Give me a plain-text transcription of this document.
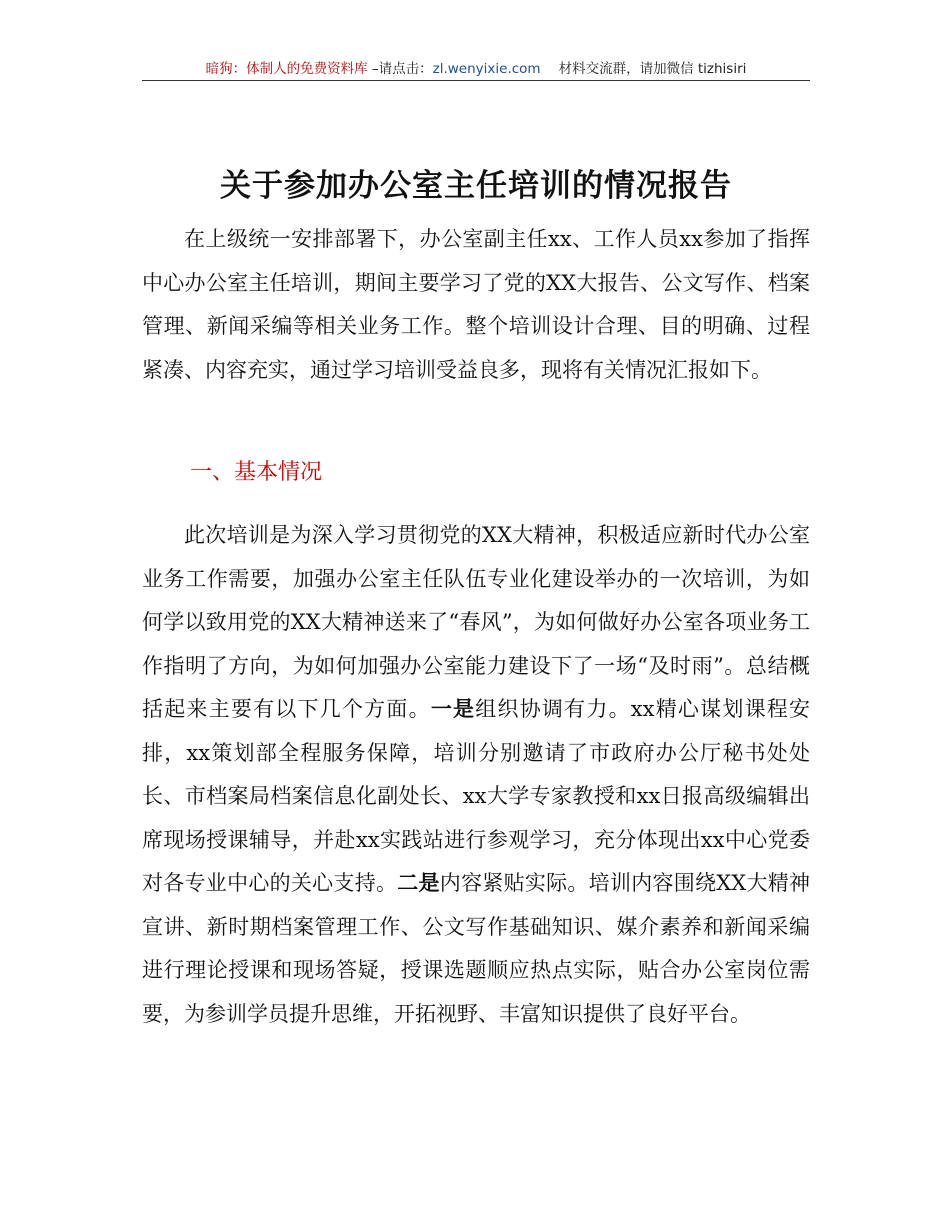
暗狗：体制人的免费资料库 –请点击：zl.wenyixie.com 材料交流群，请加微信 tizhisiri
关于参加办公室主任培训的情况报告

在上级统一安排部署下，办公室副主任xx、工作人员xx参加了指挥中心办公室主任培训，期间主要学习了党的XX大报告、公文写作、档案管理、新闻采编等相关业务工作。整个培训设计合理、目的明确、过程紧凑、内容充实，通过学习培训受益良多，现将有关情况汇报如下。

一、基本情况

此次培训是为深入学习贯彻党的XX大精神，积极适应新时代办公室业务工作需要，加强办公室主任队伍专业化建设举办的一次培训，为如何学以致用党的XX大精神送来了“春风”，为如何做好办公室各项业务工作指明了方向，为如何加强办公室能力建设下了一场“及时雨”。总结概括起来主要有以下几个方面。一是组织协调有力。xx精心谋划课程安排，xx策划部全程服务保障，培训分别邀请了市政府办公厅秘书处处长、市档案局档案信息化副处长、xx大学专家教授和xx日报高级编辑出席现场授课辅导，并赴xx实践站进行参观学习，充分体现出xx中心党委对各专业中心的关心支持。二是内容紧贴实际。培训内容围绕XX大精神宣讲、新时期档案管理工作、公文写作基础知识、媒介素养和新闻采编进行理论授课和现场答疑，授课选题顺应热点实际，贴合办公室岗位需要，为参训学员提升思维，开拓视野、丰富知识提供了良好平台。
